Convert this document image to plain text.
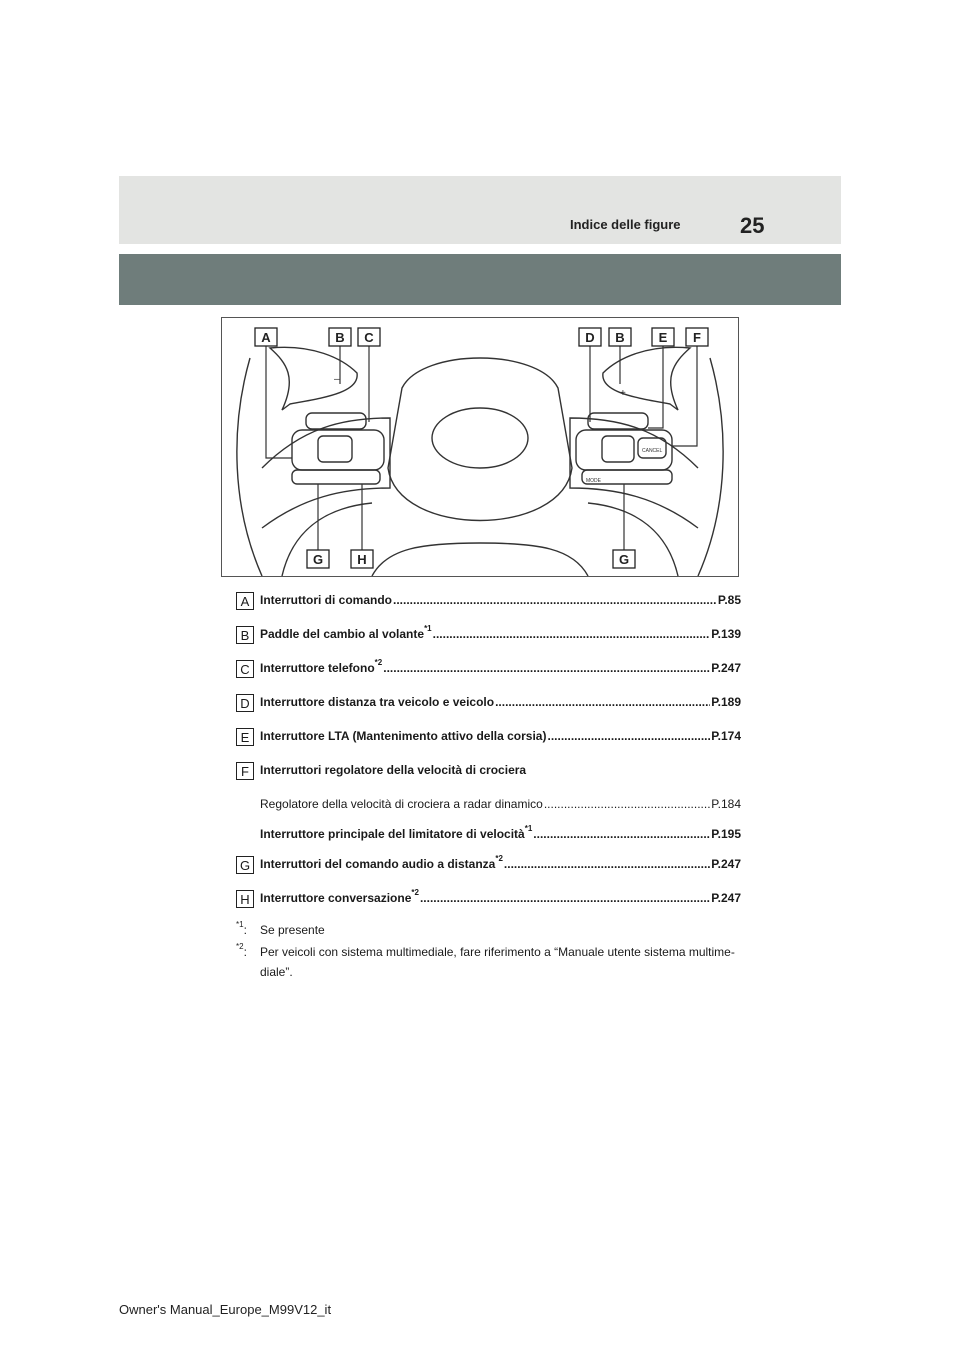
Indice delle figure	25
–
+
MODE
CANCEL
A	B C	D B	E F
G	H	G
A Interruttori di comando .....	P.85
B Paddle del cambio al volante$^{*1}$ .....	P.139
C Interruttore telefono$^{*2}$ .....	P.247
D Interruttore distanza tra veicolo e veicolo .....	P.189
E Interruttore LTA (Mantenimento attivo della corsia) .....	P.174
F Interruttori regolatore della velocità di crociera
Regolatore della velocità di crociera a radar dinamico .....	P.184
Interruttore principale del limitatore di velocità$^{*1}$ .....	P.195
G Interruttori del comando audio a distanza$^{*2}$ .....	P.247
H Interruttore conversazione$^{*2}$ .....	P.247
$^{*1}$: Se presente
$^{*2}$: Per veicoli con sistema multimediale, fare riferimento a “Manuale utente sistema multime-diale”.
Owner's Manual_Europe_M99V12_it
